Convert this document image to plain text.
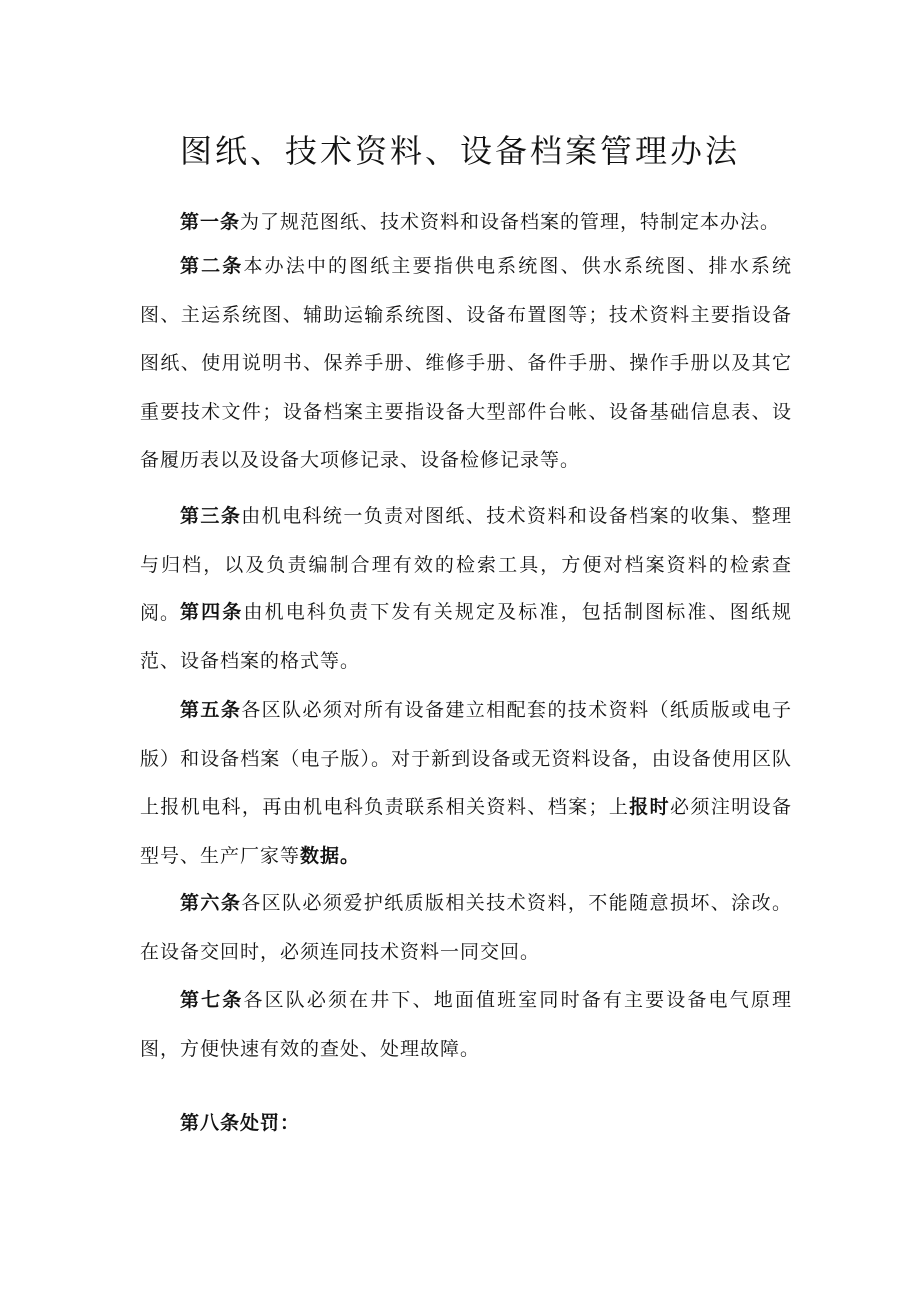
图纸、技术资料、设备档案管理办法

第一条为了规范图纸、技术资料和设备档案的管理，特制定本办法。

第二条本办法中的图纸主要指供电系统图、供水系统图、排水系统图、主运系统图、辅助运输系统图、设备布置图等；技术资料主要指设备图纸、使用说明书、保养手册、维修手册、备件手册、操作手册以及其它重要技术文件；设备档案主要指设备大型部件台帐、设备基础信息表、设备履历表以及设备大项修记录、设备检修记录等。

第三条由机电科统一负责对图纸、技术资料和设备档案的收集、整理与归档，以及负责编制合理有效的检索工具，方便对档案资料的检索查阅。 第四条由机电科负责下发有关规定及标准，包括制图标准、图纸规范、设备档案的格式等。

第五条各区队必须对所有设备建立相配套的技术资料（纸质版或电子版）和设备档案（电子版）。对于新到设备或无资料设备，由设备使用区队上报机电科，再由机电科负责联系相关资料、档案；上报时必须注明设备型号、生产厂家等数据。

第六条各区队必须爱护纸质版相关技术资料，不能随意损坏、涂改。在设备交回时，必须连同技术资料一同交回。

第七条各区队必须在井下、地面值班室同时备有主要设备电气原理图，方便快速有效的查处、处理故障。

第八条处罚：
